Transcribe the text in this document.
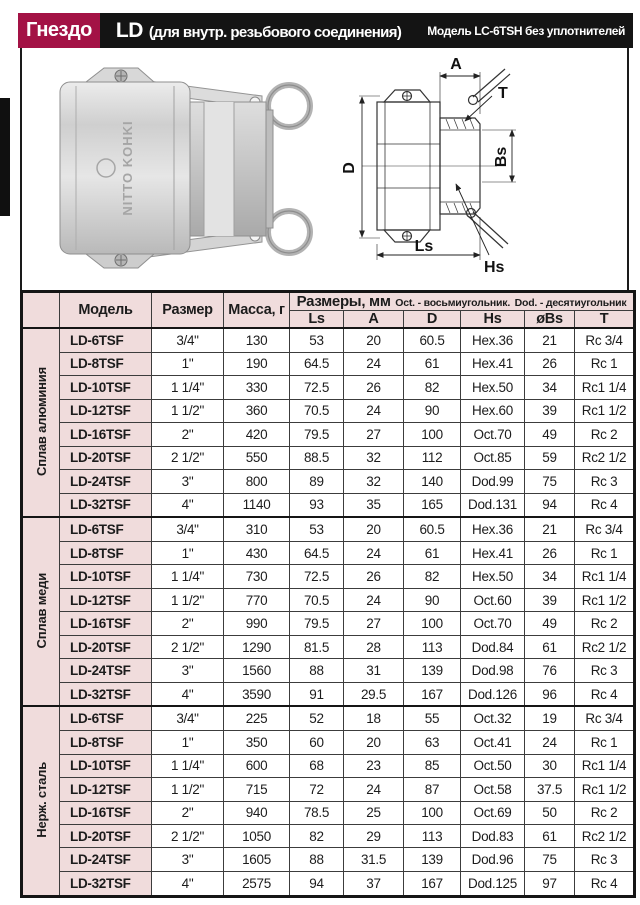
Гнездо	LD (для внутр. резьбового соединения) Модель LC-6TSH без уплотнителей
NITTO KOHKI
A
T
D
Bs
Ls
Hs
	Модель	Размер	Масса, г	Размеры, мм Oct. - восьмиугольник. Dod. - десятиугольник					

				Ls	A	D	Hs	øBs	T
Сплав алюминия	LD-6TSF	3/4"	130	53	20	60.5	Hex.36	21	Rc 3/4
	LD-8TSF	1"	190	64.5	24	61	Hex.41	26	Rc 1
	LD-10TSF	1 1/4"	330	72.5	26	82	Hex.50	34	Rc1 1/4
	LD-12TSF	1 1/2"	360	70.5	24	90	Hex.60	39	Rc1 1/2
	LD-16TSF	2"	420	79.5	27	100	Oct.70	49	Rc 2
	LD-20TSF	2 1/2"	550	88.5	32	112	Oct.85	59	Rc2 1/2
	LD-24TSF	3"	800	89	32	140	Dod.99	75	Rc 3
	LD-32TSF	4"	1140	93	35	165	Dod.131	94	Rc 4
Сплав меди	LD-6TSF	3/4"	310	53	20	60.5	Hex.36	21	Rc 3/4
	LD-8TSF	1"	430	64.5	24	61	Hex.41	26	Rc 1
	LD-10TSF	1 1/4"	730	72.5	26	82	Hex.50	34	Rc1 1/4
	LD-12TSF	1 1/2"	770	70.5	24	90	Oct.60	39	Rc1 1/2
	LD-16TSF	2"	990	79.5	27	100	Oct.70	49	Rc 2
	LD-20TSF	2 1/2"	1290	81.5	28	113	Dod.84	61	Rc2 1/2
	LD-24TSF	3"	1560	88	31	139	Dod.98	76	Rc 3
	LD-32TSF	4"	3590	91	29.5	167	Dod.126	96	Rc 4
Нерж. сталь	LD-6TSF	3/4"	225	52	18	55	Oct.32	19	Rc 3/4
	LD-8TSF	1"	350	60	20	63	Oct.41	24	Rc 1
	LD-10TSF	1 1/4"	600	68	23	85	Oct.50	30	Rc1 1/4
	LD-12TSF	1 1/2"	715	72	24	87	Oct.58	37.5	Rc1 1/2
	LD-16TSF	2"	940	78.5	25	100	Oct.69	50	Rc 2
	LD-20TSF	2 1/2"	1050	82	29	113	Dod.83	61	Rc2 1/2
	LD-24TSF	3"	1605	88	31.5	139	Dod.96	75	Rc 3
	LD-32TSF	4"	2575	94	37	167	Dod.125	97	Rc 4
